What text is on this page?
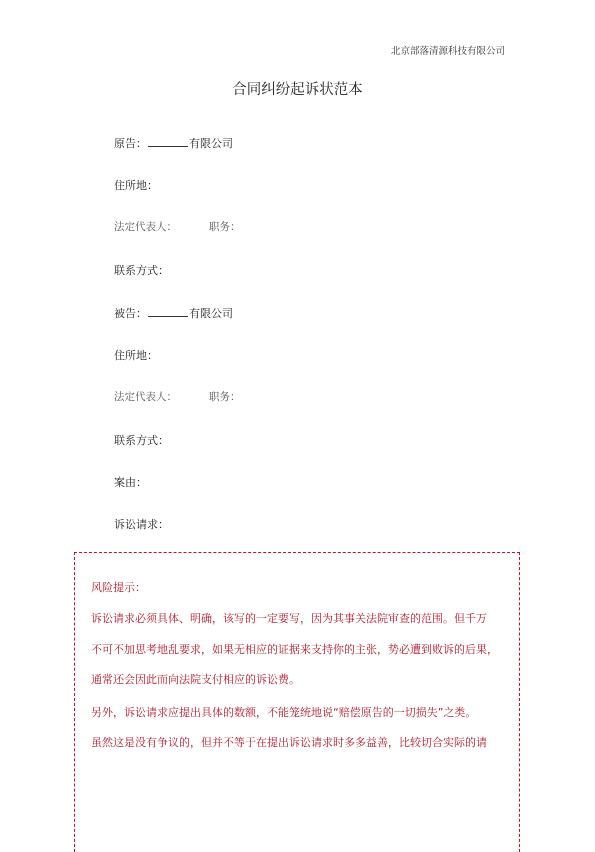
北京部落清源科技有限公司
合同纠纷起诉状范本
原告：	有限公司
住所地：
法定代表人：	职务：
联系方式：
被告：	有限公司
住所地：
法定代表人：	职务：
联系方式：
案由：
诉讼请求：
风险提示：
诉讼请求必须具体、明确，该写的一定要写，因为其事关法院审查的范围。但千万
不可不加思考地乱要求，如果无相应的证据来支持你的主张，势必遭到败诉的后果，
通常还会因此而向法院支付相应的诉讼费。
另外，诉讼请求应提出具体的数额，不能笼统地说“赔偿原告的一切损失”之类。
虽然这是没有争议的，但并不等于在提出诉讼请求时多多益善，比较切合实际的请
